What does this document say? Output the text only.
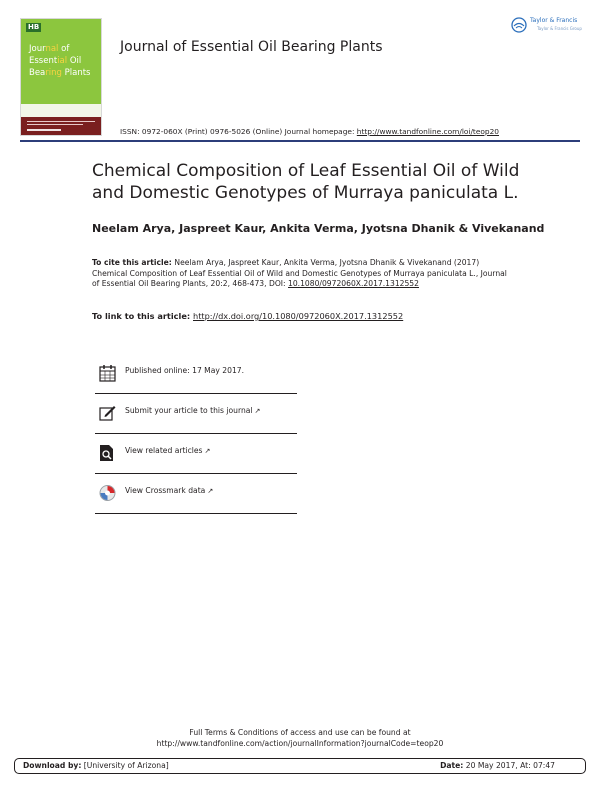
HB
Journal of
Essential Oil
Bearing Plants
Journal of Essential Oil Bearing Plants
Taylor & Francis
Taylor & Francis Group
ISSN: 0972-060X (Print) 0976-5026 (Online) Journal homepage: http://www.tandfonline.com/loi/teop20
Chemical Composition of Leaf Essential Oil of Wild and Domestic Genotypes of Murraya paniculata L.
Neelam Arya, Jaspreet Kaur, Ankita Verma, Jyotsna Dhanik & Vivekanand
To cite this article: Neelam Arya, Jaspreet Kaur, Ankita Verma, Jyotsna Dhanik & Vivekanand (2017) Chemical Composition of Leaf Essential Oil of Wild and Domestic Genotypes of Murraya paniculata L., Journal of Essential Oil Bearing Plants, 20:2, 468-473, DOI: 10.1080/0972060X.2017.1312552
To link to this article: http://dx.doi.org/10.1080/0972060X.2017.1312552
Published online: 17 May 2017.
Submit your article to this journal ↗
View related articles ↗
View Crossmark data ↗
Full Terms & Conditions of access and use can be found at
http://www.tandfonline.com/action/journalInformation?journalCode=teop20
Download by: [University of Arizona]	Date: 20 May 2017, At: 07:47
